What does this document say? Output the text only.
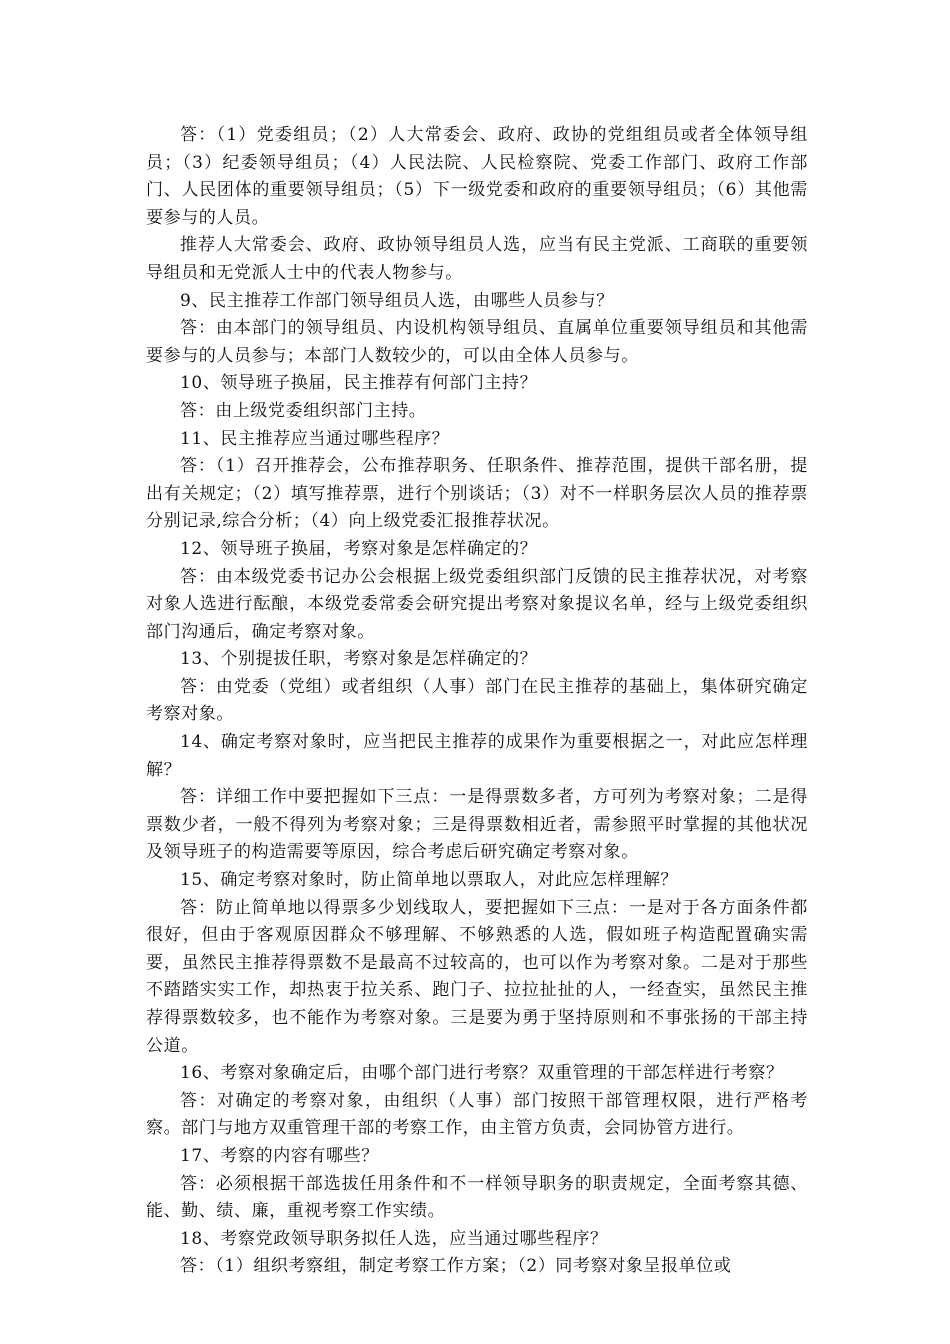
答：（1）党委组员；（2）人大常委会、政府、政协的党组组员或者全体领导组员；（3）纪委领导组员；（4）人民法院、人民检察院、党委工作部门、政府工作部门、人民团体的重要领导组员；（5）下一级党委和政府的重要领导组员；（6）其他需要参与的人员。

推荐人大常委会、政府、政协领导组员人选，应当有民主党派、工商联的重要领导组员和无党派人士中的代表人物参与。

9、民主推荐工作部门领导组员人选，由哪些人员参与？

答：由本部门的领导组员、内设机构领导组员、直属单位重要领导组员和其他需要参与的人员参与；本部门人数较少的，可以由全体人员参与。

10、领导班子换届，民主推荐有何部门主持？

答：由上级党委组织部门主持。

11、民主推荐应当通过哪些程序？

答：（1）召开推荐会，公布推荐职务、任职条件、推荐范围，提供干部名册，提出有关规定；（2）填写推荐票，进行个别谈话；（3）对不一样职务层次人员的推荐票分别记录,综合分析；（4）向上级党委汇报推荐状况。

12、领导班子换届，考察对象是怎样确定的？

答：由本级党委书记办公会根据上级党委组织部门反馈的民主推荐状况，对考察对象人选进行酝酿，本级党委常委会研究提出考察对象提议名单，经与上级党委组织部门沟通后，确定考察对象。

13、个别提拔任职，考察对象是怎样确定的？

答：由党委（党组）或者组织（人事）部门在民主推荐的基础上，集体研究确定考察对象。

14、确定考察对象时，应当把民主推荐的成果作为重要根据之一，对此应怎样理解？

答：详细工作中要把握如下三点：一是得票数多者，方可列为考察对象；二是得票数少者，一般不得列为考察对象；三是得票数相近者，需参照平时掌握的其他状况及领导班子的构造需要等原因，综合考虑后研究确定考察对象。

15、确定考察对象时，防止简单地以票取人，对此应怎样理解？

答：防止简单地以得票多少划线取人，要把握如下三点：一是对于各方面条件都很好，但由于客观原因群众不够理解、不够熟悉的人选，假如班子构造配置确实需要，虽然民主推荐得票数不是最高不过较高的，也可以作为考察对象。二是对于那些不踏踏实实工作，却热衷于拉关系、跑门子、拉拉扯扯的人，一经查实，虽然民主推荐得票数较多，也不能作为考察对象。三是要为勇于坚持原则和不事张扬的干部主持公道。

16、考察对象确定后，由哪个部门进行考察？双重管理的干部怎样进行考察？

答：对确定的考察对象，由组织（人事）部门按照干部管理权限，进行严格考察。部门与地方双重管理干部的考察工作，由主管方负责，会同协管方进行。

17、考察的内容有哪些？

答：必须根据干部选拔任用条件和不一样领导职务的职责规定，全面考察其德、能、勤、绩、廉，重视考察工作实绩。

18、考察党政领导职务拟任人选，应当通过哪些程序？

答：（1）组织考察组，制定考察工作方案；（2）同考察对象呈报单位或
